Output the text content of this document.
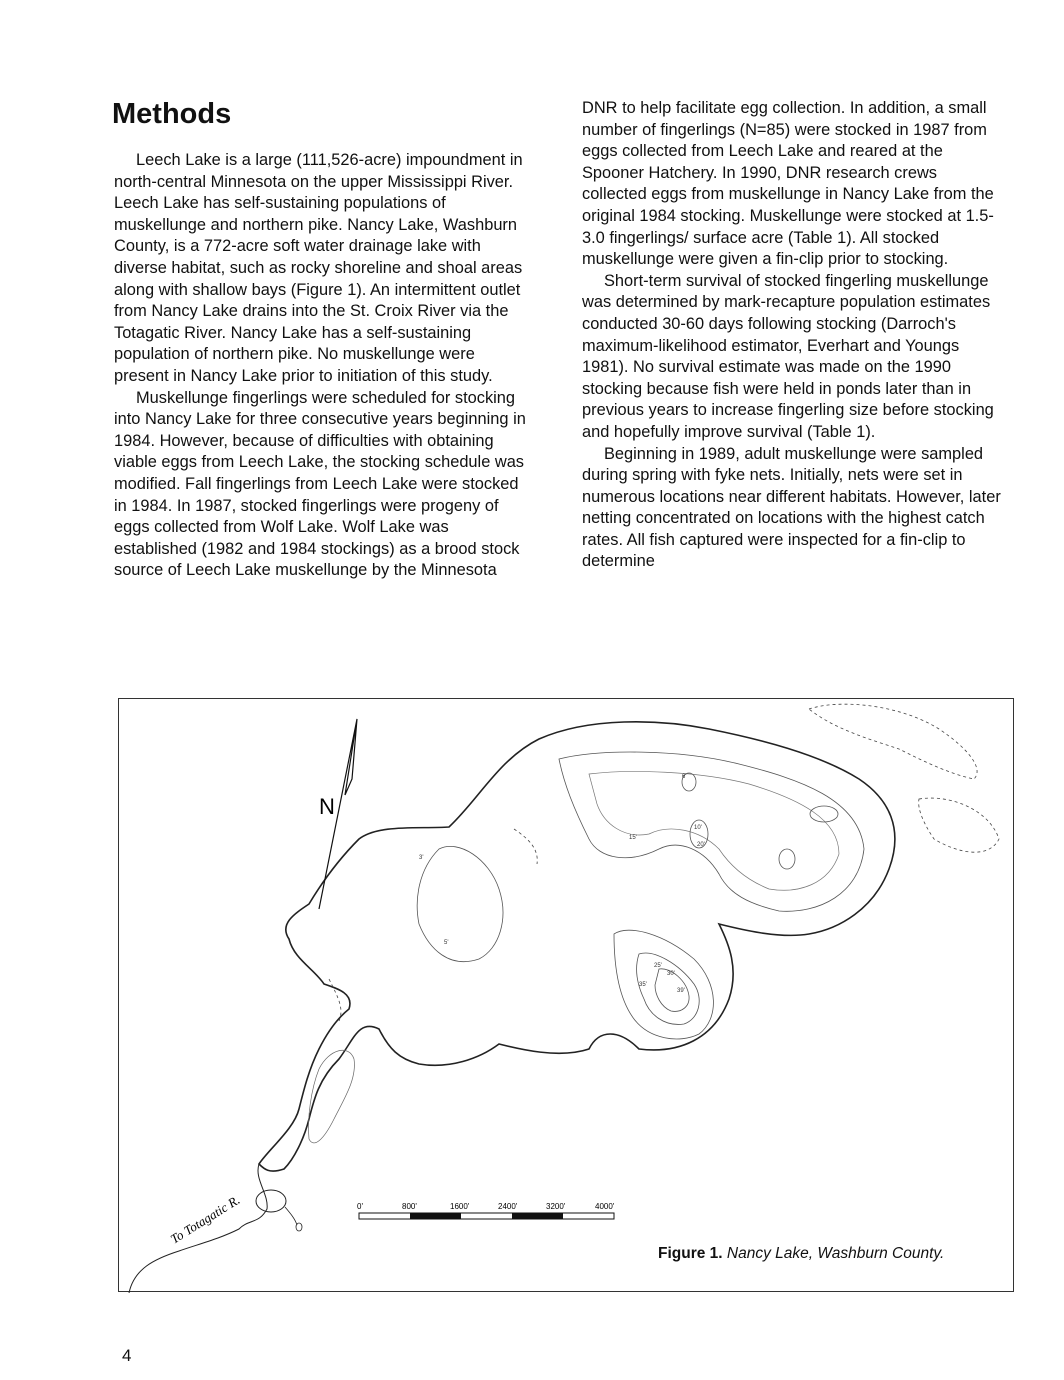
Methods

Leech Lake is a large (111,526-acre) impoundment in north-central Minnesota on the upper Mississippi River. Leech Lake has self-sustaining populations of muskellunge and northern pike. Nancy Lake, Washburn County, is a 772-acre soft water drainage lake with diverse habitat, such as rocky shoreline and shoal areas along with shallow bays (Figure 1). An intermittent outlet from Nancy Lake drains into the St. Croix River via the Totagatic River. Nancy Lake has a self-sustaining population of northern pike. No muskellunge were present in Nancy Lake prior to initiation of this study.

Muskellunge fingerlings were scheduled for stocking into Nancy Lake for three consecutive years beginning in 1984. However, because of difficulties with obtaining viable eggs from Leech Lake, the stocking schedule was modified. Fall fingerlings from Leech Lake were stocked in 1984. In 1987, stocked fingerlings were progeny of eggs collected from Wolf Lake. Wolf Lake was established (1982 and 1984 stockings) as a brood stock source of Leech Lake muskellunge by the Minnesota

DNR to help facilitate egg collection. In addition, a small number of fingerlings (N=85) were stocked in 1987 from eggs collected from Leech Lake and reared at the Spooner Hatchery. In 1990, DNR research crews collected eggs from muskellunge in Nancy Lake from the original 1984 stocking. Muskellunge were stocked at 1.5-3.0 fingerlings/ surface acre (Table 1). All stocked muskellunge were given a fin-clip prior to stocking.

Short-term survival of stocked fingerling muskellunge was determined by mark-recapture population estimates conducted 30-60 days following stocking (Darroch's maximum-likelihood estimator, Everhart and Youngs 1981). No survival estimate was made on the 1990 stocking because fish were held in ponds later than in previous years to increase fingerling size before stocking and hopefully improve survival (Table 1).

Beginning in 1989, adult muskellunge were sampled during spring with fyke nets. Initially, nets were set in numerous locations near different habitats. However, later netting concentrated on locations with the highest catch rates. All fish captured were inspected for a fin-clip to determine

N
To Totagatic R.
3'
5'
6'
10'
15'
20'
25'
30'
35'
39'
0'	800'	1600'	2400'	3200'	4000'
Figure 1. Nancy Lake, Washburn County.
4
